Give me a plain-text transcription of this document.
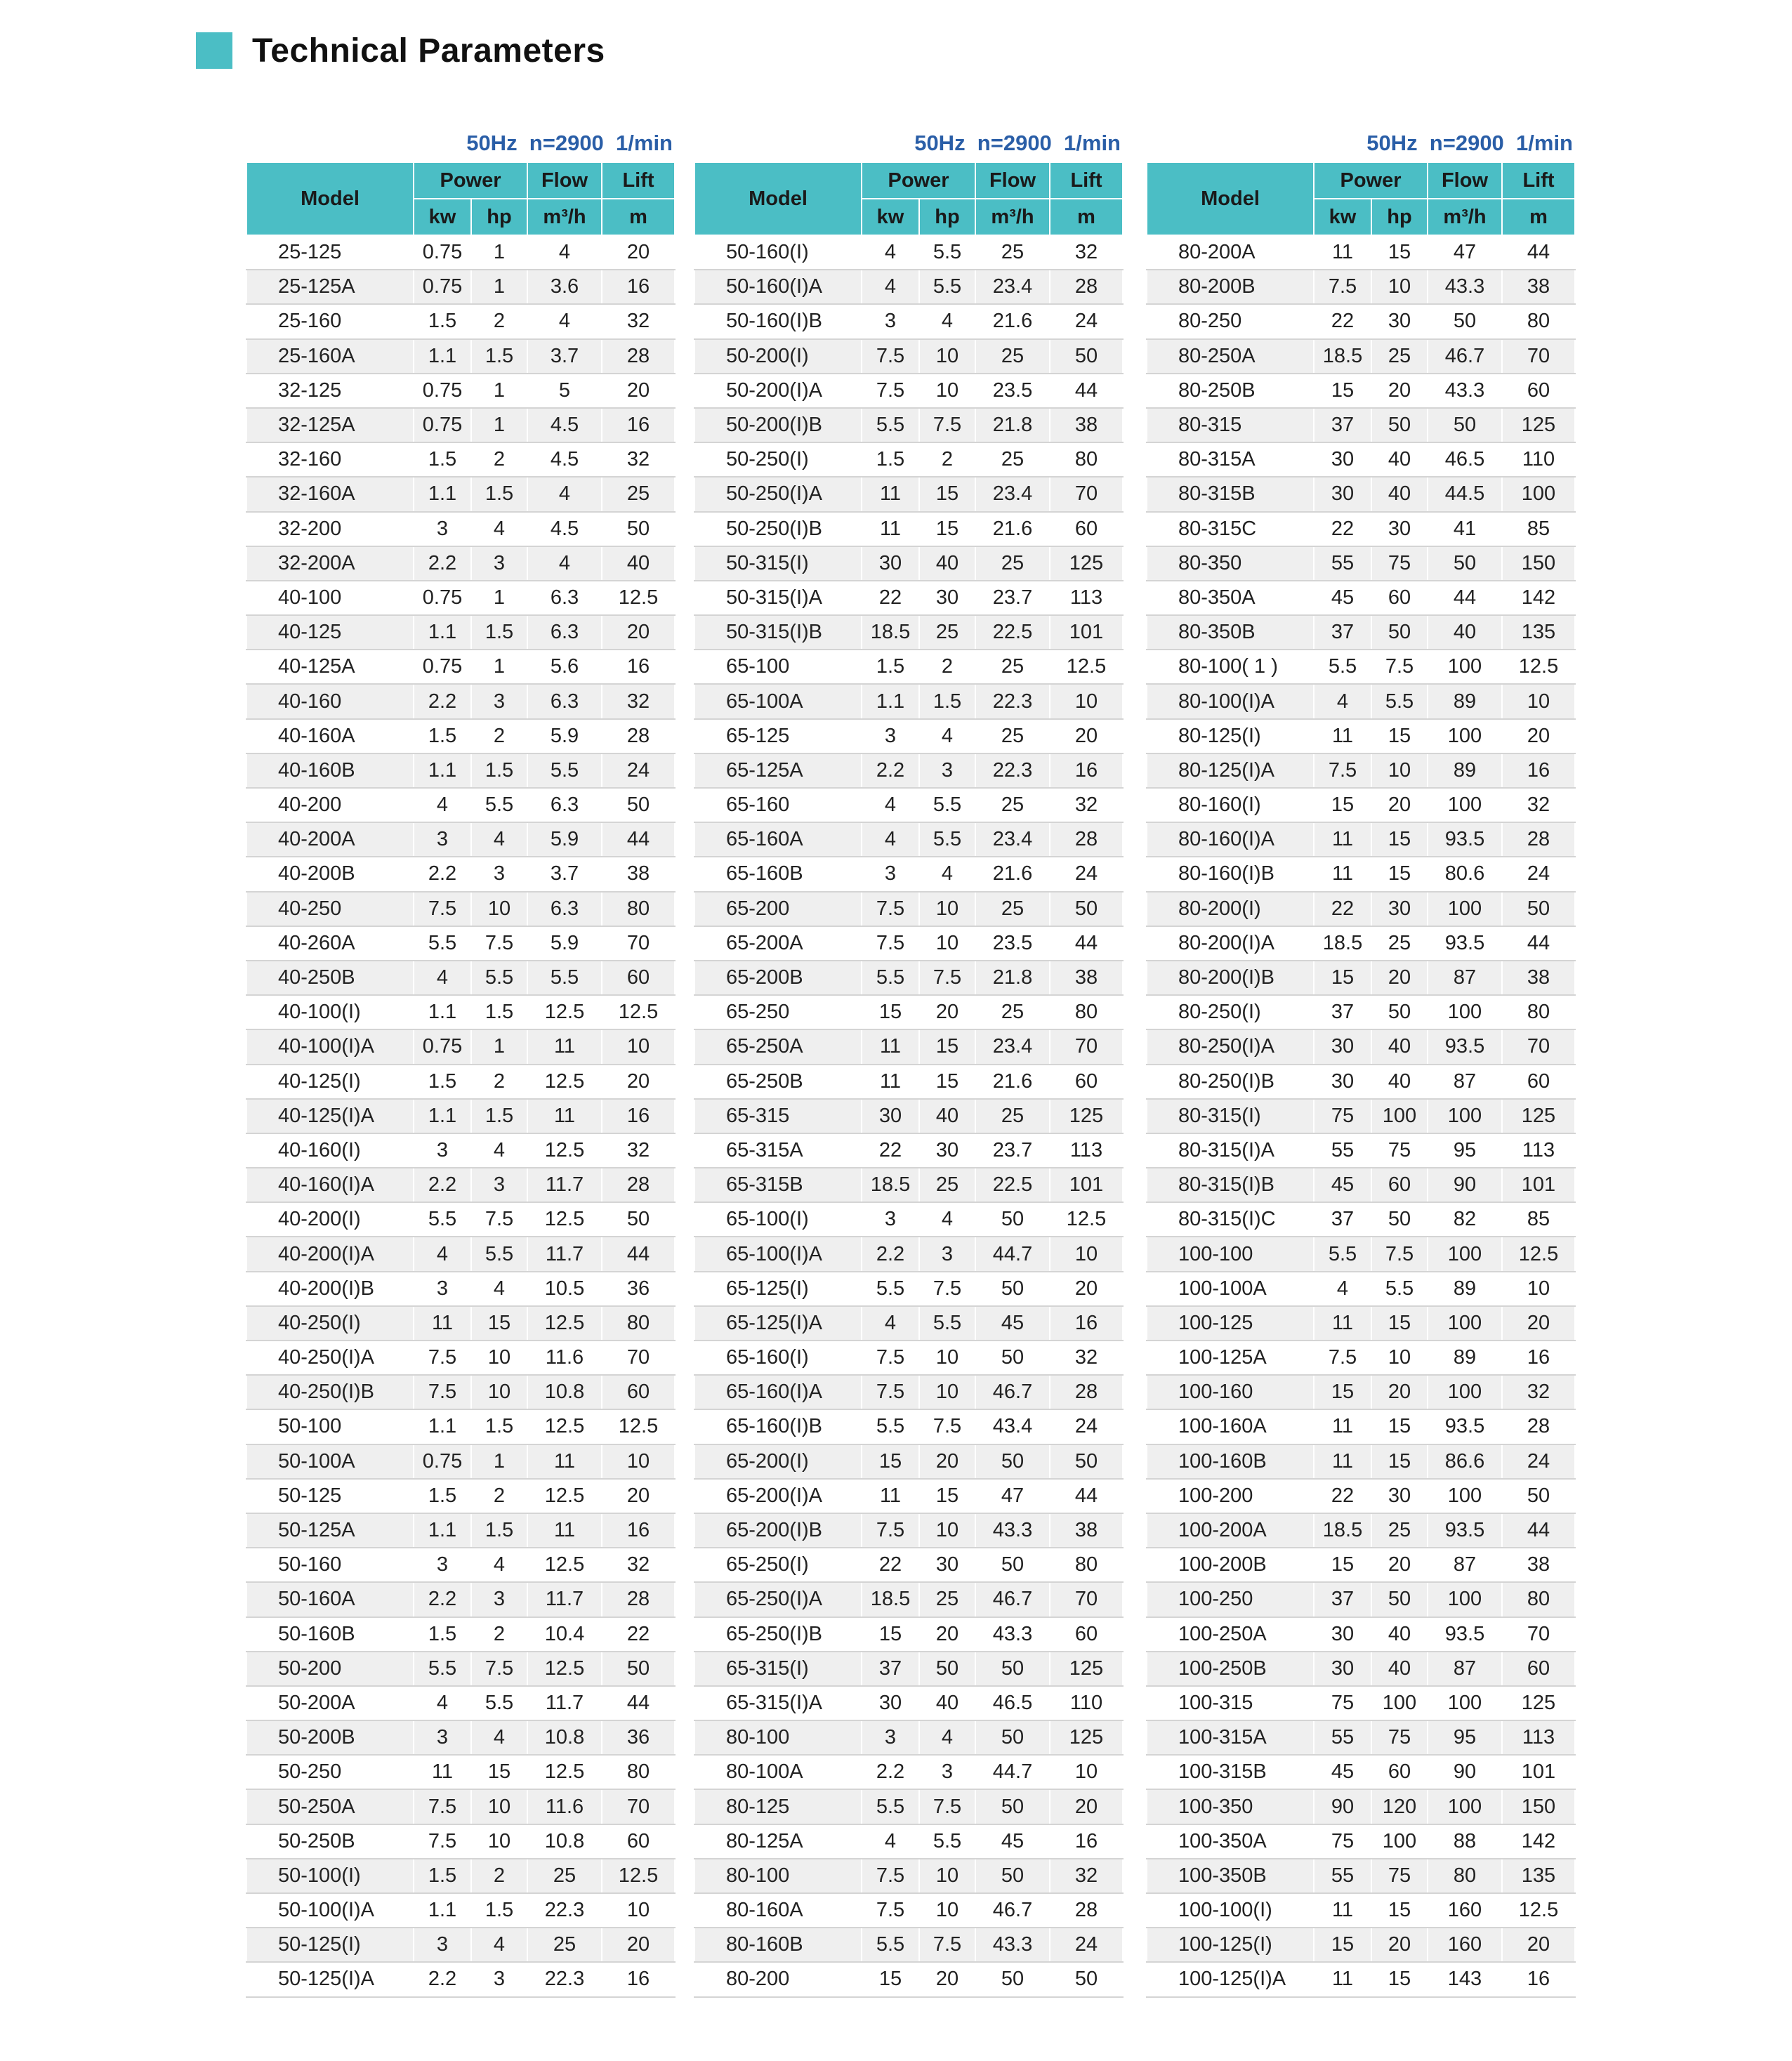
Technical Parameters
50Hz  n=2900  1/min
Model	Power		Flow	Lift
	kw	hp	m³/h	m
25-125	0.75	1	4	20
25-125A	0.75	1	3.6	16
25-160	1.5	2	4	32
25-160A	1.1	1.5	3.7	28
32-125	0.75	1	5	20
32-125A	0.75	1	4.5	16
32-160	1.5	2	4.5	32
32-160A	1.1	1.5	4	25
32-200	3	4	4.5	50
32-200A	2.2	3	4	40
40-100	0.75	1	6.3	12.5
40-125	1.1	1.5	6.3	20
40-125A	0.75	1	5.6	16
40-160	2.2	3	6.3	32
40-160A	1.5	2	5.9	28
40-160B	1.1	1.5	5.5	24
40-200	4	5.5	6.3	50
40-200A	3	4	5.9	44
40-200B	2.2	3	3.7	38
40-250	7.5	10	6.3	80
40-260A	5.5	7.5	5.9	70
40-250B	4	5.5	5.5	60
40-100(I)	1.1	1.5	12.5	12.5
40-100(I)A	0.75	1	11	10
40-125(I)	1.5	2	12.5	20
40-125(I)A	1.1	1.5	11	16
40-160(I)	3	4	12.5	32
40-160(I)A	2.2	3	11.7	28
40-200(I)	5.5	7.5	12.5	50
40-200(I)A	4	5.5	11.7	44
40-200(I)B	3	4	10.5	36
40-250(I)	11	15	12.5	80
40-250(I)A	7.5	10	11.6	70
40-250(I)B	7.5	10	10.8	60
50-100	1.1	1.5	12.5	12.5
50-100A	0.75	1	11	10
50-125	1.5	2	12.5	20
50-125A	1.1	1.5	11	16
50-160	3	4	12.5	32
50-160A	2.2	3	11.7	28
50-160B	1.5	2	10.4	22
50-200	5.5	7.5	12.5	50
50-200A	4	5.5	11.7	44
50-200B	3	4	10.8	36
50-250	11	15	12.5	80
50-250A	7.5	10	11.6	70
50-250B	7.5	10	10.8	60
50-100(I)	1.5	2	25	12.5
50-100(I)A	1.1	1.5	22.3	10
50-125(I)	3	4	25	20
50-125(I)A	2.2	3	22.3	16
50Hz  n=2900  1/min
Model	Power		Flow	Lift
	kw	hp	m³/h	m
50-160(I)	4	5.5	25	32
50-160(I)A	4	5.5	23.4	28
50-160(I)B	3	4	21.6	24
50-200(I)	7.5	10	25	50
50-200(I)A	7.5	10	23.5	44
50-200(I)B	5.5	7.5	21.8	38
50-250(I)	1.5	2	25	80
50-250(I)A	11	15	23.4	70
50-250(I)B	11	15	21.6	60
50-315(I)	30	40	25	125
50-315(I)A	22	30	23.7	113
50-315(I)B	18.5	25	22.5	101
65-100	1.5	2	25	12.5
65-100A	1.1	1.5	22.3	10
65-125	3	4	25	20
65-125A	2.2	3	22.3	16
65-160	4	5.5	25	32
65-160A	4	5.5	23.4	28
65-160B	3	4	21.6	24
65-200	7.5	10	25	50
65-200A	7.5	10	23.5	44
65-200B	5.5	7.5	21.8	38
65-250	15	20	25	80
65-250A	11	15	23.4	70
65-250B	11	15	21.6	60
65-315	30	40	25	125
65-315A	22	30	23.7	113
65-315B	18.5	25	22.5	101
65-100(I)	3	4	50	12.5
65-100(I)A	2.2	3	44.7	10
65-125(I)	5.5	7.5	50	20
65-125(I)A	4	5.5	45	16
65-160(I)	7.5	10	50	32
65-160(I)A	7.5	10	46.7	28
65-160(I)B	5.5	7.5	43.4	24
65-200(I)	15	20	50	50
65-200(I)A	11	15	47	44
65-200(I)B	7.5	10	43.3	38
65-250(I)	22	30	50	80
65-250(I)A	18.5	25	46.7	70
65-250(I)B	15	20	43.3	60
65-315(I)	37	50	50	125
65-315(I)A	30	40	46.5	110
80-100	3	4	50	125
80-100A	2.2	3	44.7	10
80-125	5.5	7.5	50	20
80-125A	4	5.5	45	16
80-100	7.5	10	50	32
80-160A	7.5	10	46.7	28
80-160B	5.5	7.5	43.3	24
80-200	15	20	50	50
50Hz  n=2900  1/min
Model	Power		Flow	Lift
	kw	hp	m³/h	m
80-200A	11	15	47	44
80-200B	7.5	10	43.3	38
80-250	22	30	50	80
80-250A	18.5	25	46.7	70
80-250B	15	20	43.3	60
80-315	37	50	50	125
80-315A	30	40	46.5	110
80-315B	30	40	44.5	100
80-315C	22	30	41	85
80-350	55	75	50	150
80-350A	45	60	44	142
80-350B	37	50	40	135
80-100( 1 )	5.5	7.5	100	12.5
80-100(I)A	4	5.5	89	10
80-125(I)	11	15	100	20
80-125(I)A	7.5	10	89	16
80-160(I)	15	20	100	32
80-160(I)A	11	15	93.5	28
80-160(I)B	11	15	80.6	24
80-200(I)	22	30	100	50
80-200(I)A	18.5	25	93.5	44
80-200(I)B	15	20	87	38
80-250(I)	37	50	100	80
80-250(I)A	30	40	93.5	70
80-250(I)B	30	40	87	60
80-315(I)	75	100	100	125
80-315(I)A	55	75	95	113
80-315(I)B	45	60	90	101
80-315(I)C	37	50	82	85
100-100	5.5	7.5	100	12.5
100-100A	4	5.5	89	10
100-125	11	15	100	20
100-125A	7.5	10	89	16
100-160	15	20	100	32
100-160A	11	15	93.5	28
100-160B	11	15	86.6	24
100-200	22	30	100	50
100-200A	18.5	25	93.5	44
100-200B	15	20	87	38
100-250	37	50	100	80
100-250A	30	40	93.5	70
100-250B	30	40	87	60
100-315	75	100	100	125
100-315A	55	75	95	113
100-315B	45	60	90	101
100-350	90	120	100	150
100-350A	75	100	88	142
100-350B	55	75	80	135
100-100(I)	11	15	160	12.5
100-125(I)	15	20	160	20
100-125(I)A	11	15	143	16
